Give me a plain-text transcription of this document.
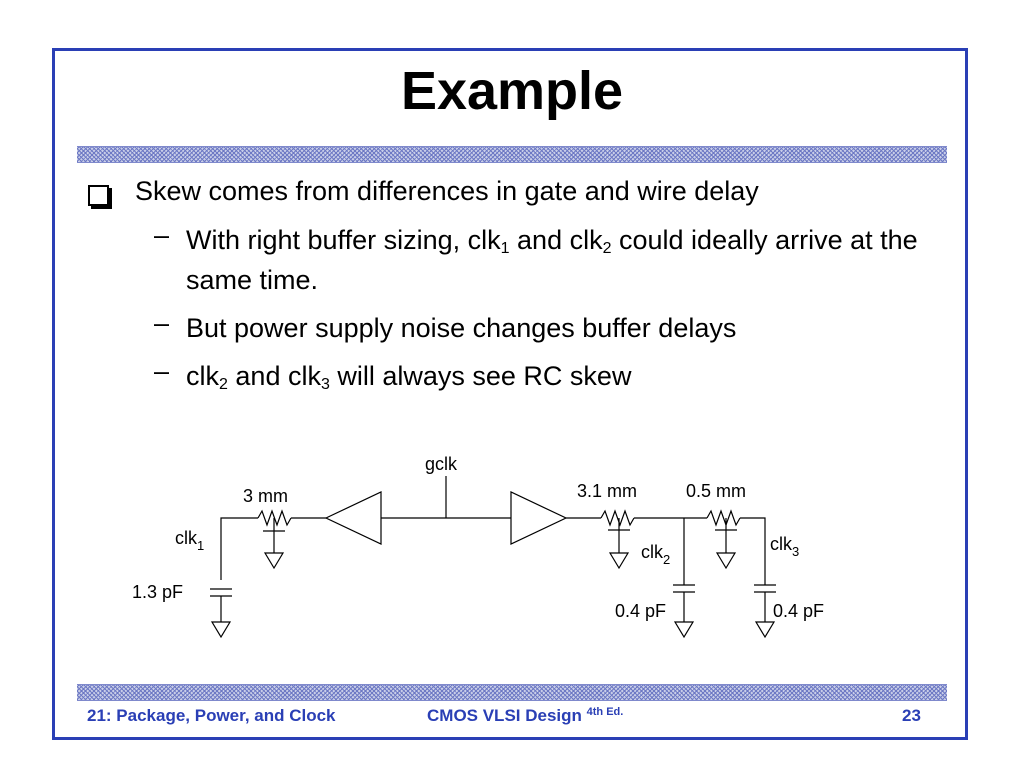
Example
Skew comes from differences in gate and wire delay
– With right buffer sizing, clk$_1$ and clk$_2$ could ideally arrive at the same time.
– But power supply noise changes buffer delays
– clk$_2$ and clk$_3$ will always see RC skew
gclk
3 mm	3.1 mm	0.5 mm
clk$_1$	clk$_2$
clk$_3$
1.3 pF
0.4 pF	0.4 pF
21: Package, Power, and Clock	CMOS VLSI Design $^{4th Ed.}$	23
